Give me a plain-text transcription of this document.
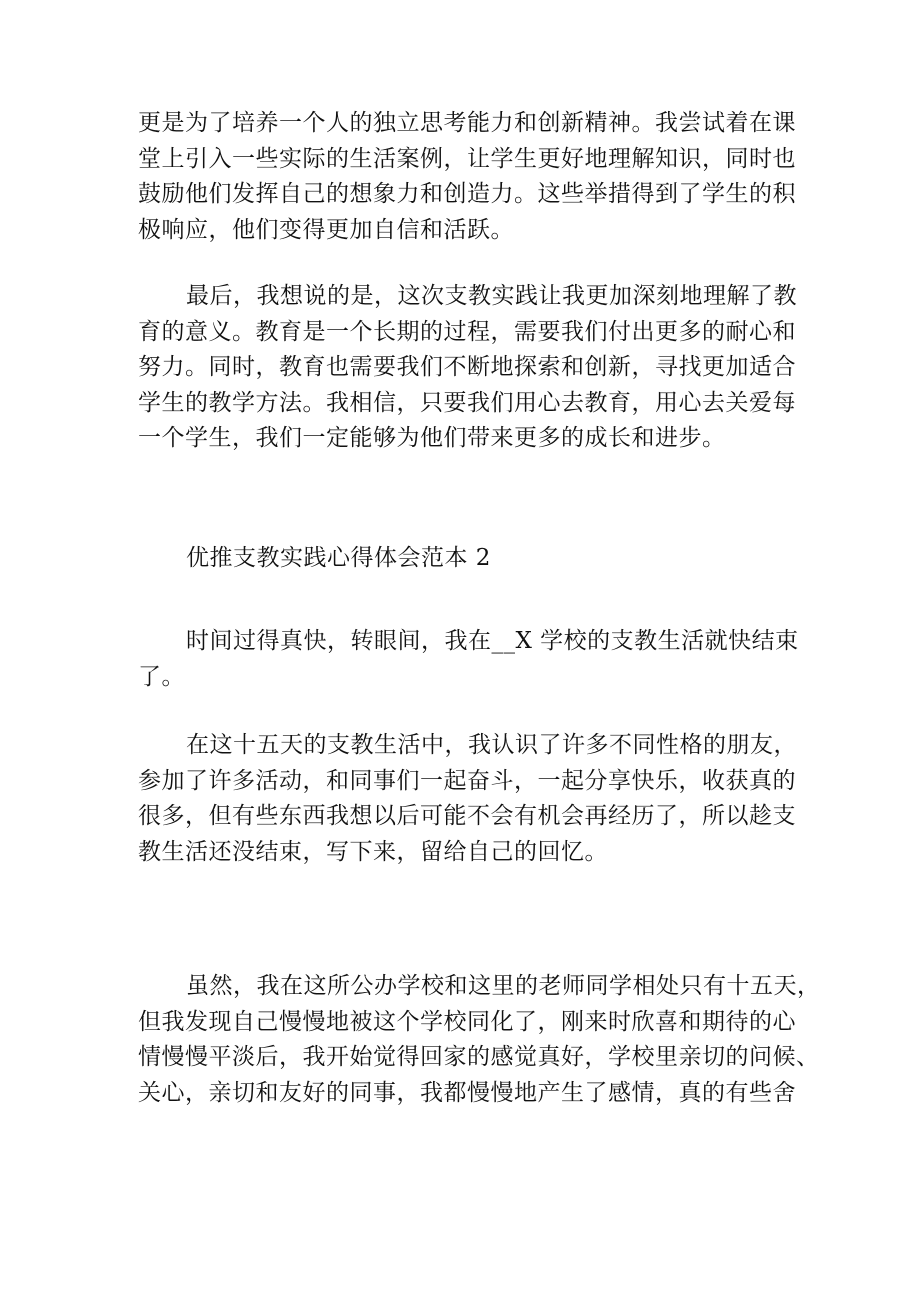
更是为了培养一个人的独立思考能力和创新精神。我尝试着在课
堂上引入一些实际的生活案例，让学生更好地理解知识，同时也
鼓励他们发挥自己的想象力和创造力。这些举措得到了学生的积
极响应，他们变得更加自信和活跃。
最后，我想说的是，这次支教实践让我更加深刻地理解了教
育的意义。教育是一个长期的过程，需要我们付出更多的耐心和
努力。同时，教育也需要我们不断地探索和创新，寻找更加适合
学生的教学方法。我相信，只要我们用心去教育，用心去关爱每
一个学生，我们一定能够为他们带来更多的成长和进步。
优推支教实践心得体会范本 2
时间过得真快，转眼间，我在__X 学校的支教生活就快结束
了。
在这十五天的支教生活中，我认识了许多不同性格的朋友，
参加了许多活动，和同事们一起奋斗，一起分享快乐，收获真的
很多，但有些东西我想以后可能不会有机会再经历了，所以趁支
教生活还没结束，写下来，留给自己的回忆。
虽然，我在这所公办学校和这里的老师同学相处只有十五天，
但我发现自己慢慢地被这个学校同化了，刚来时欣喜和期待的心
情慢慢平淡后，我开始觉得回家的感觉真好，学校里亲切的问候、
关心，亲切和友好的同事，我都慢慢地产生了感情，真的有些舍
